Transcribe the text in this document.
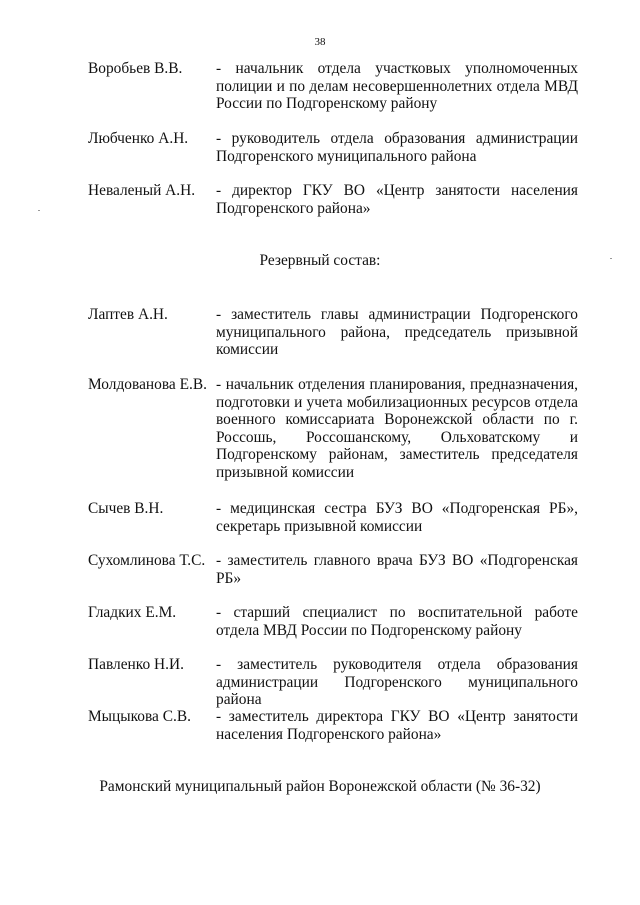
38
Воробьев В.В.	- начальник отдела участковых уполномоченных полиции и по делам несовершеннолетних отдела МВД России по Подгоренскому району
Любченко А.Н.	- руководитель отдела образования администрации Подгоренского муниципального района
Неваленый А.Н.	- директор ГКУ ВО «Центр занятости населения Подгоренского района»
Резервный состав:
Лаптев А.Н.	- заместитель главы администрации Подгоренского муниципального района, председатель призывной комиссии
Молдованова Е.В. - начальник отделения планирования, предназначения, подготовки и учета мобилизационных ресурсов отдела военного комиссариата Воронежской области по г. Россошь, Россошанскому, Ольховатскому и Подгоренскому районам, заместитель председателя призывной комиссии
Сычев В.Н.	- медицинская сестра БУЗ ВО «Подгоренская РБ», секретарь призывной комиссии
Сухомлинова Т.С. - заместитель главного врача БУЗ ВО «Подгоренская РБ»
Гладких Е.М.	- старший специалист по воспитательной работе отдела МВД России по Подгоренскому району
Павленко Н.И.	- заместитель руководителя отдела образования администрации Подгоренского муниципального района
Мыцыкова С.В.	- заместитель директора ГКУ ВО «Центр занятости населения Подгоренского района»
Рамонский муниципальный район Воронежской области (№ 36-32)
